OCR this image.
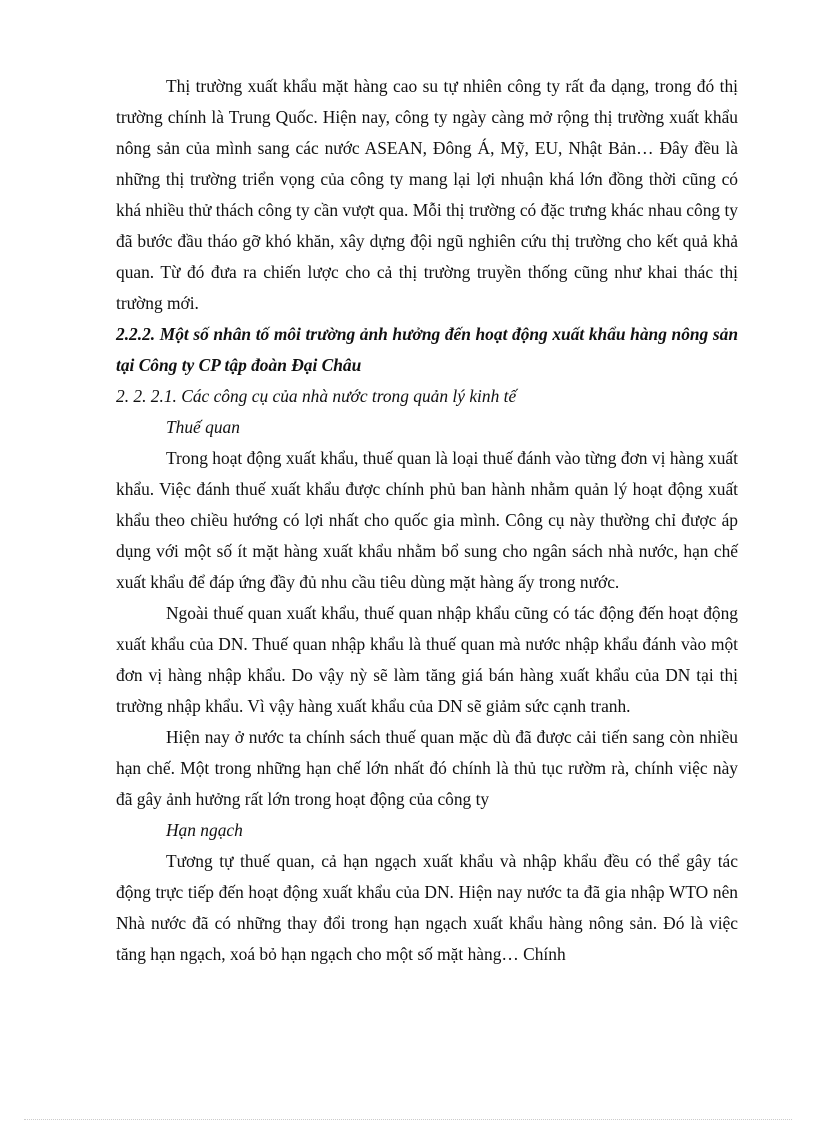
Thị trường xuất khẩu mặt hàng cao su tự nhiên công ty rất đa dạng, trong đó thị trường chính là Trung Quốc. Hiện nay, công ty ngày càng mở rộng thị trường xuất khẩu nông sản của mình sang các nước ASEAN, Đông Á, Mỹ, EU, Nhật Bản… Đây đều là những thị trường triển vọng của công ty mang lại lợi nhuận khá lớn đồng thời cũng có khá nhiều thử thách công ty cần vượt qua. Mỗi thị trường có đặc trưng khác nhau công ty đã bước đầu tháo gỡ khó khăn, xây dựng đội ngũ nghiên cứu thị trường cho kết quả khả quan. Từ đó đưa ra chiến lược cho cả thị trường truyền thống cũng như khai thác thị trường mới.

2.2.2. Một số nhân tố môi trường ảnh hưởng đến hoạt động xuất khẩu hàng nông sản tại Công ty CP tập đoàn Đại Châu

2. 2. 2.1. Các công cụ của nhà nước trong quản lý kinh tế

Thuế quan

Trong hoạt động xuất khẩu, thuế quan là loại thuế đánh vào từng đơn vị hàng xuất khẩu. Việc đánh thuế xuất khẩu được chính phủ ban hành nhằm quản lý hoạt động xuất khẩu theo chiều hướng có lợi nhất cho quốc gia mình. Công cụ này thường chỉ được áp dụng với một số ít mặt hàng xuất khẩu nhằm bổ sung cho ngân sách nhà nước, hạn chế xuất khẩu để đáp ứng đầy đủ nhu cầu tiêu dùng mặt hàng ấy trong nước.

Ngoài thuế quan xuất khẩu, thuế quan nhập khẩu cũng có tác động đến hoạt động xuất khẩu của DN. Thuế quan nhập khẩu là thuế quan mà nước nhập khẩu đánh vào một đơn vị hàng nhập khẩu. Do vậy nỳ sẽ làm tăng giá bán hàng xuất khẩu của DN tại thị trường nhập khẩu. Vì vậy hàng xuất khẩu của DN sẽ giảm sức cạnh tranh.

Hiện nay ở nước ta chính sách thuế quan mặc dù đã được cải tiến sang còn nhiều hạn chế. Một trong những hạn chế lớn nhất đó chính là thủ tục rườm rà, chính việc này đã gây ảnh hưởng rất lớn trong hoạt động của công ty

Hạn ngạch

Tương tự thuế quan, cả hạn ngạch xuất khẩu và nhập khẩu đều có thể gây tác động trực tiếp đến hoạt động xuất khẩu của DN. Hiện nay nước ta đã gia nhập WTO nên Nhà nước đã có những thay đổi trong hạn ngạch xuất khẩu hàng nông sản. Đó là việc tăng hạn ngạch, xoá bỏ hạn ngạch cho một số mặt hàng… Chính
